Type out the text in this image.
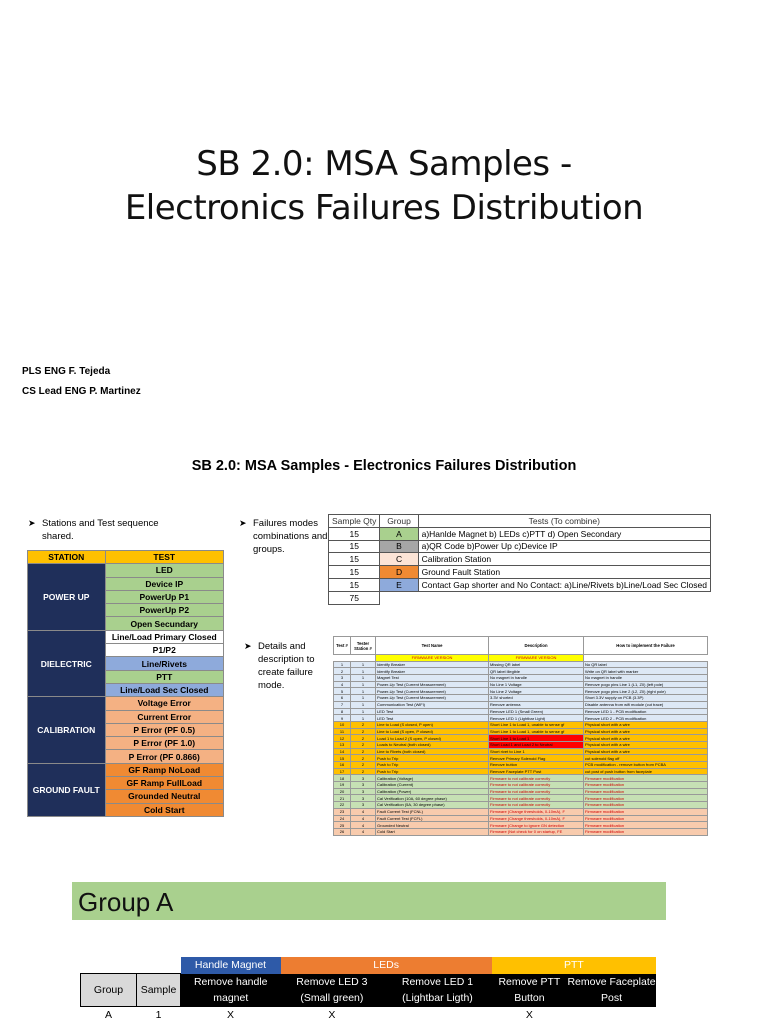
SB 2.0: MSA Samples -
Electronics Failures Distribution
PLS ENG F. Tejeda
CS Lead ENG P. Martinez
SB 2.0: MSA Samples - Electronics Failures Distribution
➤ Stations and Test sequence shared.
➤ Failures modes combinations and groups.
➤ Details and description to create failure mode.
STATION	TEST
POWER UP	LED
	Device IP
	PowerUp P1
	PowerUp P2
	Open Secundary
DIELECTRIC	Line/Load Primary Closed
	P1/P2
	Line/Rivets
	PTT
	Line/Load Sec Closed
CALIBRATION	Voltage Error
	Current Error
	P Error (PF 0.5)
	P Error (PF 1.0)
	P Error (PF 0.866)
GROUND FAULT	GF Ramp NoLoad
	GF Ramp FullLoad
	Grounded Neutral
	Cold Start
Sample Qty	Group	Tests (To combine)
15	A	a)Hanlde Magnet b) LEDs c)PTT d) Open Secondary
15	B	a)QR Code b)Power Up c)Device IP
15	C	Calibration Station
15	D	Ground Fault Station
15	E	Contact Gap shorter and No Contact: a)Line/Rivets b)Line/Load Sec Closed
75		
Test #	Tester Station #	Test Name	Description	How to implement the Failure
		FIRMWARE VERSION	FIRMWARE VERSION	
1	1	Identify Breaker	Missing QR label	No QR label
2	1	Identify Breaker	QR label illegible	Write on QR label with marker
3	1	Magnet Test	No magnet in handle	No magnet in handle
4	1	Power-Up Test (Current Measurement)	No Line 1 Voltage	Remove pogo pins Line 1 (L1, Z0) (left pole)
5	1	Power-Up Test (Current Measurement)	No Line 2 Voltage	Remove pogo pins Line 2 (L2, Z0) (right pole)
6	1	Power-Up Test (Current Measurement)	3.3V shorted	Short 3.3V supply on PCB (3.3P)
7	1	Communication Test (WiFi)	Remove antenna	Disable antenna from wifi module (cut trace)
8	1	LED Test	Remove LED 1 (Small Green)	Remove LED 1 - PCB modification
9	1	LED Test	Remove LED 1 (Lightbar Light)	Remove LED 2 - PCB modification
10	2	Line to Load (S closed, P open)	Short Line 1 to Load 1, unable to sense gf	Physical short with a wire
11	2	Line to Load (S open, P closed)	Short Line 1 to Load 1, unable to sense gf	Physical short with a wire
12	2	Load 1 to Load 2 (S open, P closed)	Short Line 1 to Load 1	Physical short with a wire
13	2	Loads to Neutral (both closed)	Short Load 1 and Load 2 to Neutral	Physical short with a wire
14	2	Line to Rivets (both closed)	Short rivet to Line 1	Physical short with a wire
15	2	Push to Trip	Remove Primary Solenoid Flag	cut solenoid flag off
16	2	Push to Trip	Remove button	PCB modification - remove button from PCBA
17	2	Push to Trip	Remove Faceplate PTT Post	cut post of push button from faceplate
18	3	Calibration (Voltage)	Firmware to not calibrate correctly	Firmware modification
19	3	Calibration (Current)	Firmware to not calibrate correctly	Firmware modification
20	3	Calibration (Power)	Firmware to not calibrate correctly	Firmware modification
21	3	Cal Verification (10A, 60 degree phase)	Firmware to not calibrate correctly	Firmware modification
22	3	Cal Verification (5A, 30 degree phase)	Firmware to not calibrate correctly	Firmware modification
23	4	Fault Current Test (FCNL)	Firmware (Change thresholds, 0-10mA), F	Firmware modification
24	4	Fault Current Test (FCFL)	Firmware (Change thresholds, 0-10mA), F	Firmware modification
25	4	Grounded Neutral	Firmware (Change to ignore GN detection	Firmware modification
26	4	Cold Start	Firmware (Not check for 0 on startup, FE	Firmware modification
Group A
		Handle Magnet	LEDs		PTT	
Group	Sample	Remove handle magnet	Remove LED 3 (Small green)	Remove LED 1 (Lightbar Ligth)	Remove PTT Button	Remove Faceplate Post

A	1	X	X		X	
